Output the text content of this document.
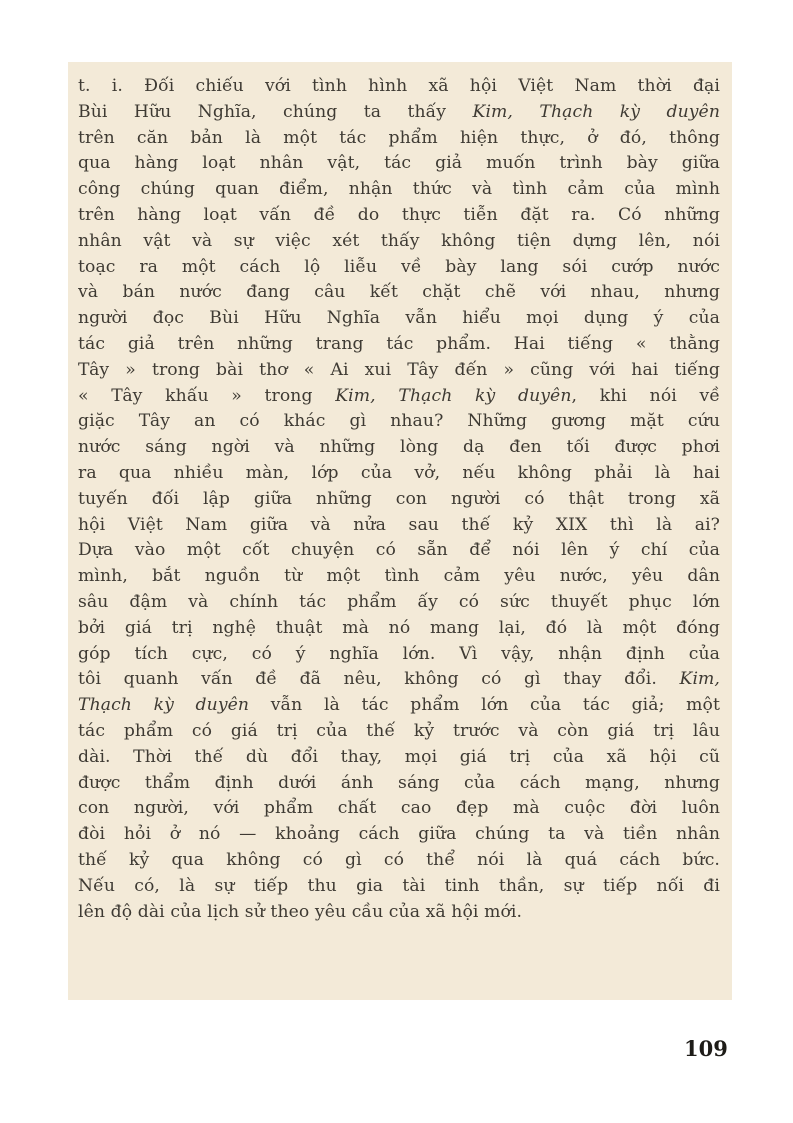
t. i. Đối chiếu với tình hình xã hội Việt Nam thời đại
Bùi Hữu Nghĩa, chúng ta thấy Kim, Thạch kỳ duyên
trên căn bản là một tác phẩm hiện thực, ở đó, thông
qua hàng loạt nhân vật, tác giả muốn trình bày giữa
công chúng quan điểm, nhận thức và tình cảm của mình
trên hàng loạt vấn đề do thực tiễn đặt ra. Có những
nhân vật và sự việc xét thấy không tiện dựng lên, nói
toạc ra một cách lộ liễu về bày lang sói cướp nước
và bán nước đang câu kết chặt chẽ với nhau, nhưng
người đọc Bùi Hữu Nghĩa vẫn hiểu mọi dụng ý của
tác giả trên những trang tác phẩm. Hai tiếng « thằng
Tây » trong bài thơ « Ai xui Tây đến » cũng với hai tiếng
« Tây khấu » trong Kim, Thạch kỳ duyên, khi nói về
giặc Tây an có khác gì nhau? Những gương mặt cứu
nước sáng ngời và những lòng dạ đen tối được phơi
ra qua nhiều màn, lớp của vở, nếu không phải là hai
tuyến đối lập giữa những con người có thật trong xã
hội Việt Nam giữa và nửa sau thế kỷ XIX thì là ai?
Dựa vào một cốt chuyện có sẵn để nói lên ý chí của
mình, bắt nguồn từ một tình cảm yêu nước, yêu dân
sâu đậm và chính tác phẩm ấy có sức thuyết phục lớn
bởi giá trị nghệ thuật mà nó mang lại, đó là một đóng
góp tích cực, có ý nghĩa lớn. Vì vậy, nhận định của
tôi quanh vấn đề đã nêu, không có gì thay đổi. Kim,
Thạch kỳ duyên vẫn là tác phẩm lớn của tác giả; một
tác phẩm có giá trị của thế kỷ trước và còn giá trị lâu
dài. Thời thế dù đổi thay, mọi giá trị của xã hội cũ
được thẩm định dưới ánh sáng của cách mạng, nhưng
con người, với phẩm chất cao đẹp mà cuộc đời luôn
đòi hỏi ở nó — khoảng cách giữa chúng ta và tiền nhân
thế kỷ qua không có gì có thể nói là quá cách bức.
Nếu có, là sự tiếp thu gia tài tinh thần, sự tiếp nối đi
lên độ dài của lịch sử theo yêu cầu của xã hội mới.
109
